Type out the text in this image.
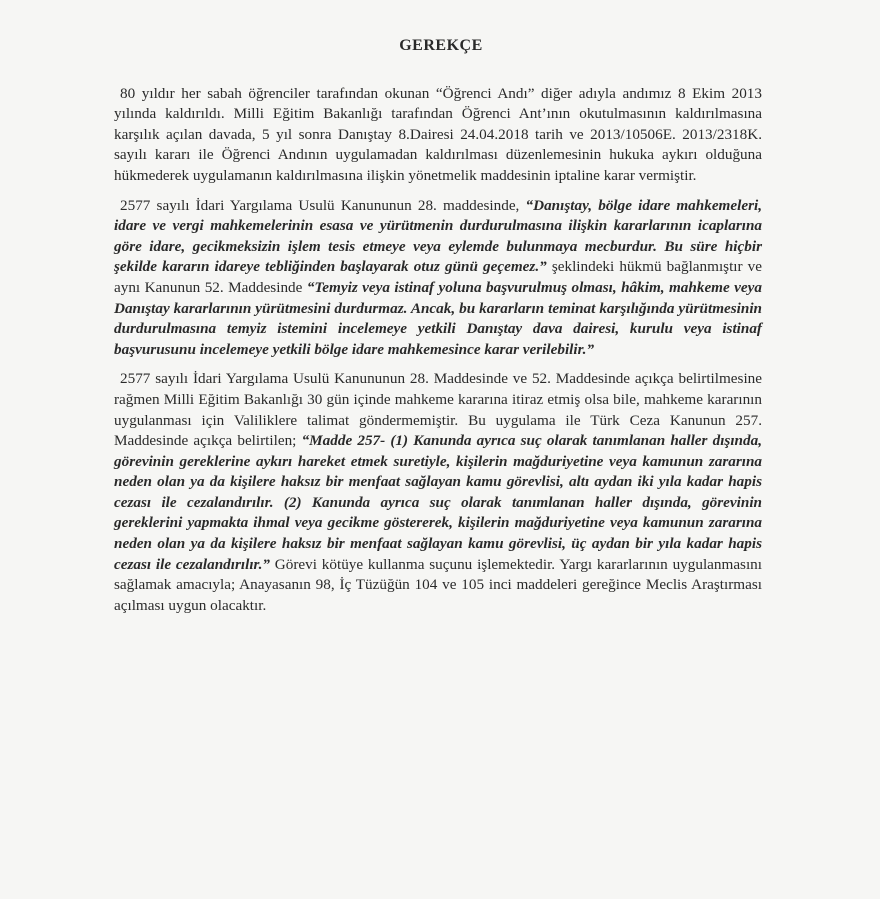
GEREKÇE

80 yıldır her sabah öğrenciler tarafından okunan “Öğrenci Andı” diğer adıyla andımız 8 Ekim 2013 yılında kaldırıldı. Milli Eğitim Bakanlığı tarafından Öğrenci Ant’ının okutulmasının kaldırılmasına karşılık açılan davada, 5 yıl sonra Danıştay 8.Dairesi 24.04.2018 tarih ve 2013/10506E. 2013/2318K. sayılı kararı ile Öğrenci Andının uygulamadan kaldırılması düzenlemesinin hukuka aykırı olduğuna hükmederek uygulamanın kaldırılmasına ilişkin yönetmelik maddesinin iptaline karar vermiştir.

2577 sayılı İdari Yargılama Usulü Kanununun 28. maddesinde, “Danıştay, bölge idare mahkemeleri, idare ve vergi mahkemelerinin esasa ve yürütmenin durdurulmasına ilişkin kararlarının icaplarına göre idare, gecikmeksizin işlem tesis etmeye veya eylemde bulunmaya mecburdur. Bu süre hiçbir şekilde kararın idareye tebliğinden başlayarak otuz günü geçemez.” şeklindeki hükmü bağlanmıştır ve aynı Kanunun 52. Maddesinde “Temyiz veya istinaf yoluna başvurulmuş olması, hâkim, mahkeme veya Danıştay kararlarının yürütmesini durdurmaz. Ancak, bu kararların teminat karşılığında yürütmesinin durdurulmasına temyiz istemini incelemeye yetkili Danıştay dava dairesi, kurulu veya istinaf başvurusunu incelemeye yetkili bölge idare mahkemesince karar verilebilir.”

2577 sayılı İdari Yargılama Usulü Kanununun 28. Maddesinde ve 52. Maddesinde açıkça belirtilmesine rağmen Milli Eğitim Bakanlığı 30 gün içinde mahkeme kararına itiraz etmiş olsa bile, mahkeme kararının uygulanması için Valiliklere talimat göndermemiştir. Bu uygulama ile Türk Ceza Kanunun 257. Maddesinde açıkça belirtilen; “Madde 257- (1) Kanunda ayrıca suç olarak tanımlanan haller dışında, görevinin gereklerine aykırı hareket etmek suretiyle, kişilerin mağduriyetine veya kamunun zararına neden olan ya da kişilere haksız bir menfaat sağlayan kamu görevlisi, altı aydan iki yıla kadar hapis cezası ile cezalandırılır. (2) Kanunda ayrıca suç olarak tanımlanan haller dışında, görevinin gereklerini yapmakta ihmal veya gecikme göstererek, kişilerin mağduriyetine veya kamunun zararına neden olan ya da kişilere haksız bir menfaat sağlayan kamu görevlisi, üç aydan bir yıla kadar hapis cezası ile cezalandırılır.” Görevi kötüye kullanma suçunu işlemektedir. Yargı kararlarının uygulanmasını sağlamak amacıyla; Anayasanın 98, İç Tüzüğün 104 ve 105 inci maddeleri gereğince Meclis Araştırması açılması uygun olacaktır.
